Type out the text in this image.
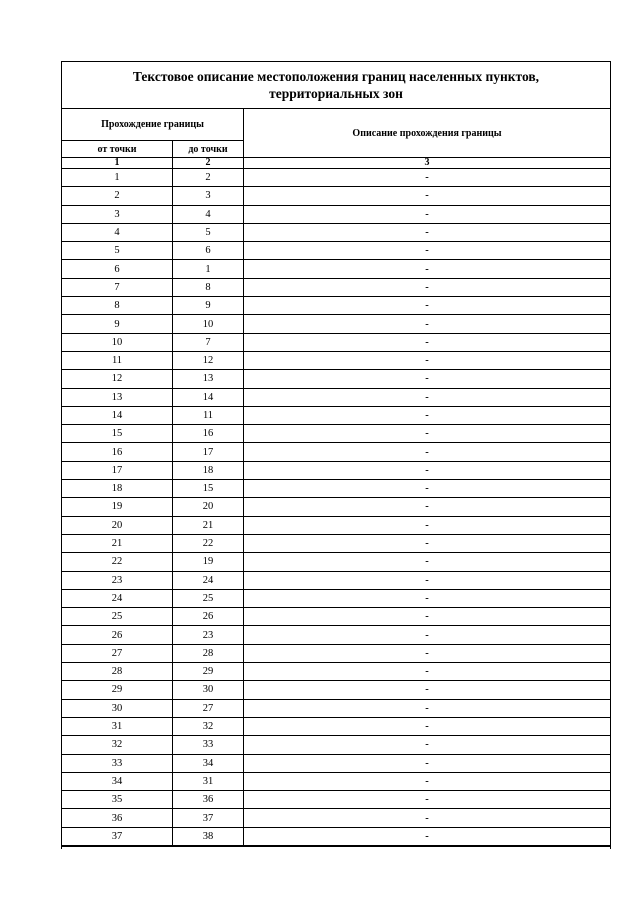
Текстовое описание местоположения границ населенных пунктов,
территориальных зон
Прохождение границы
от точки	до точки
Описание прохождения границы
1	2	3
1	2	-
2	3	-
3	4	-
4	5	-
5	6	-
6	1	-
7	8	-
8	9	-
9	10	-
10	7	-
11	12	-
12	13	-
13	14	-
14	11	-
15	16	-
16	17	-
17	18	-
18	15	-
19	20	-
20	21	-
21	22	-
22	19	-
23	24	-
24	25	-
25	26	-
26	23	-
27	28	-
28	29	-
29	30	-
30	27	-
31	32	-
32	33	-
33	34	-
34	31	-
35	36	-
36	37	-
37	38	-
